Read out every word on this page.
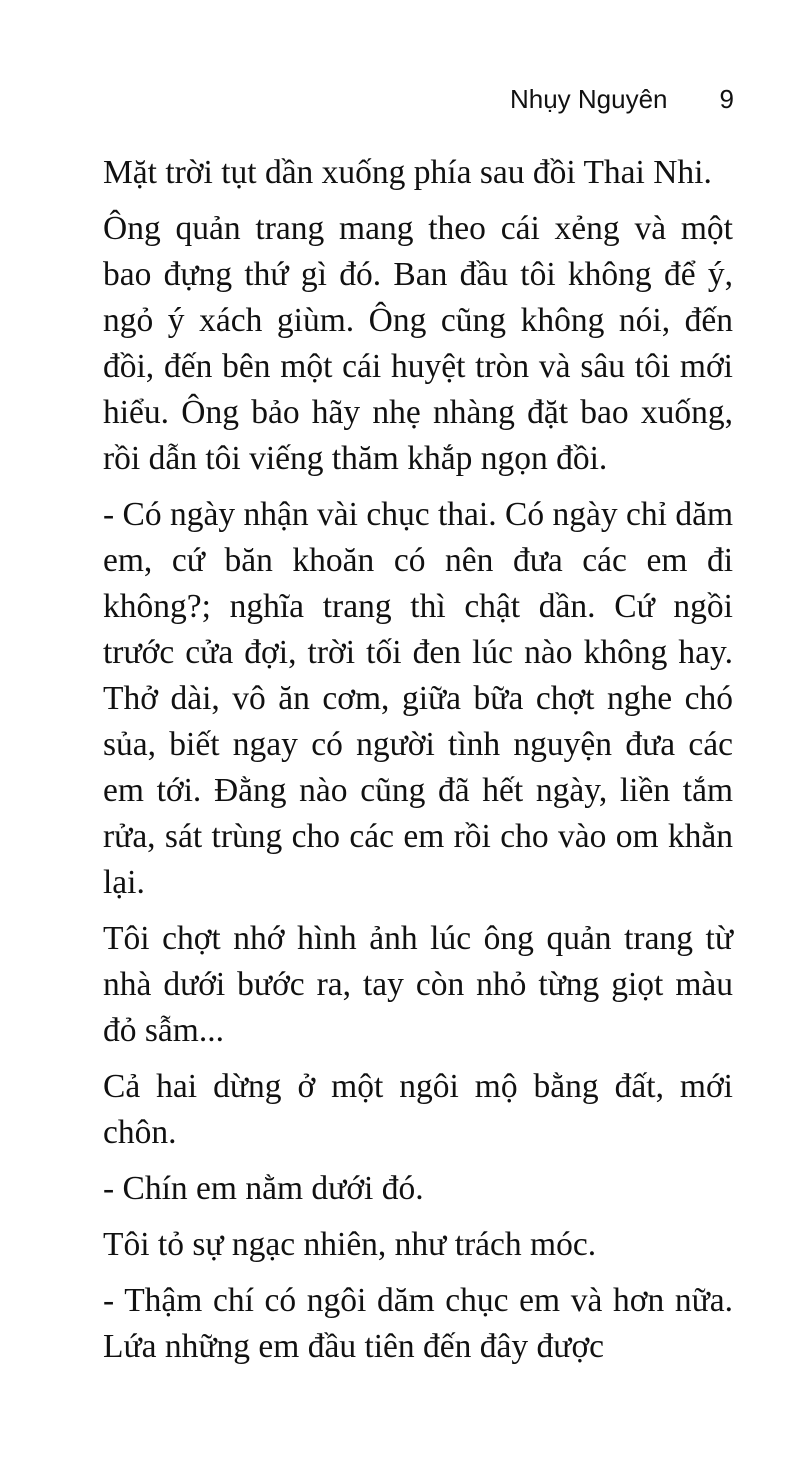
Nhụy Nguyên 9

Mặt trời tụt dần xuống phía sau đồi Thai Nhi.

Ông quản trang mang theo cái xẻng và một bao đựng thứ gì đó. Ban đầu tôi không để ý, ngỏ ý xách giùm. Ông cũng không nói, đến đồi, đến bên một cái huyệt tròn và sâu tôi mới hiểu. Ông bảo hãy nhẹ nhàng đặt bao xuống, rồi dẫn tôi viếng thăm khắp ngọn đồi.

- Có ngày nhận vài chục thai. Có ngày chỉ dăm em, cứ băn khoăn có nên đưa các em đi không?; nghĩa trang thì chật dần. Cứ ngồi trước cửa đợi, trời tối đen lúc nào không hay. Thở dài, vô ăn cơm, giữa bữa chợt nghe chó sủa, biết ngay có người tình nguyện đưa các em tới. Đằng nào cũng đã hết ngày, liền tắm rửa, sát trùng cho các em rồi cho vào om khằn lại.

Tôi chợt nhớ hình ảnh lúc ông quản trang từ nhà dưới bước ra, tay còn nhỏ từng giọt màu đỏ sẫm...

Cả hai dừng ở một ngôi mộ bằng đất, mới chôn.

- Chín em nằm dưới đó.

Tôi tỏ sự ngạc nhiên, như trách móc.

- Thậm chí có ngôi dăm chục em và hơn nữa. Lứa những em đầu tiên đến đây được
